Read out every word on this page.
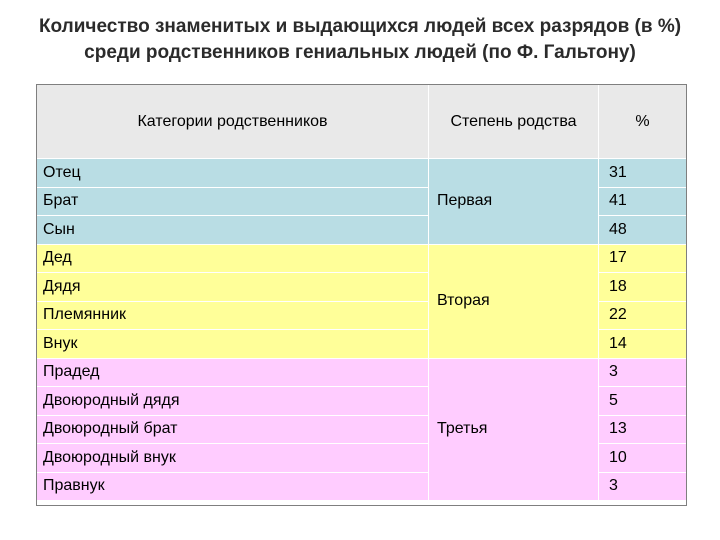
Количество знаменитых и выдающихся людей всех разрядов (в %) среди родственников гениальных людей (по Ф. Гальтону)
Категории родственников	Степень родства	%
Отец	Первая	31
Брат		41
Сын		48
Дед	Вторая	17
Дядя		18
Племянник		22
Внук		14
Прадед	Третья	3
Двоюродный дядя		5
Двоюродный брат		13
Двоюродный внук		10
Правнук		3
